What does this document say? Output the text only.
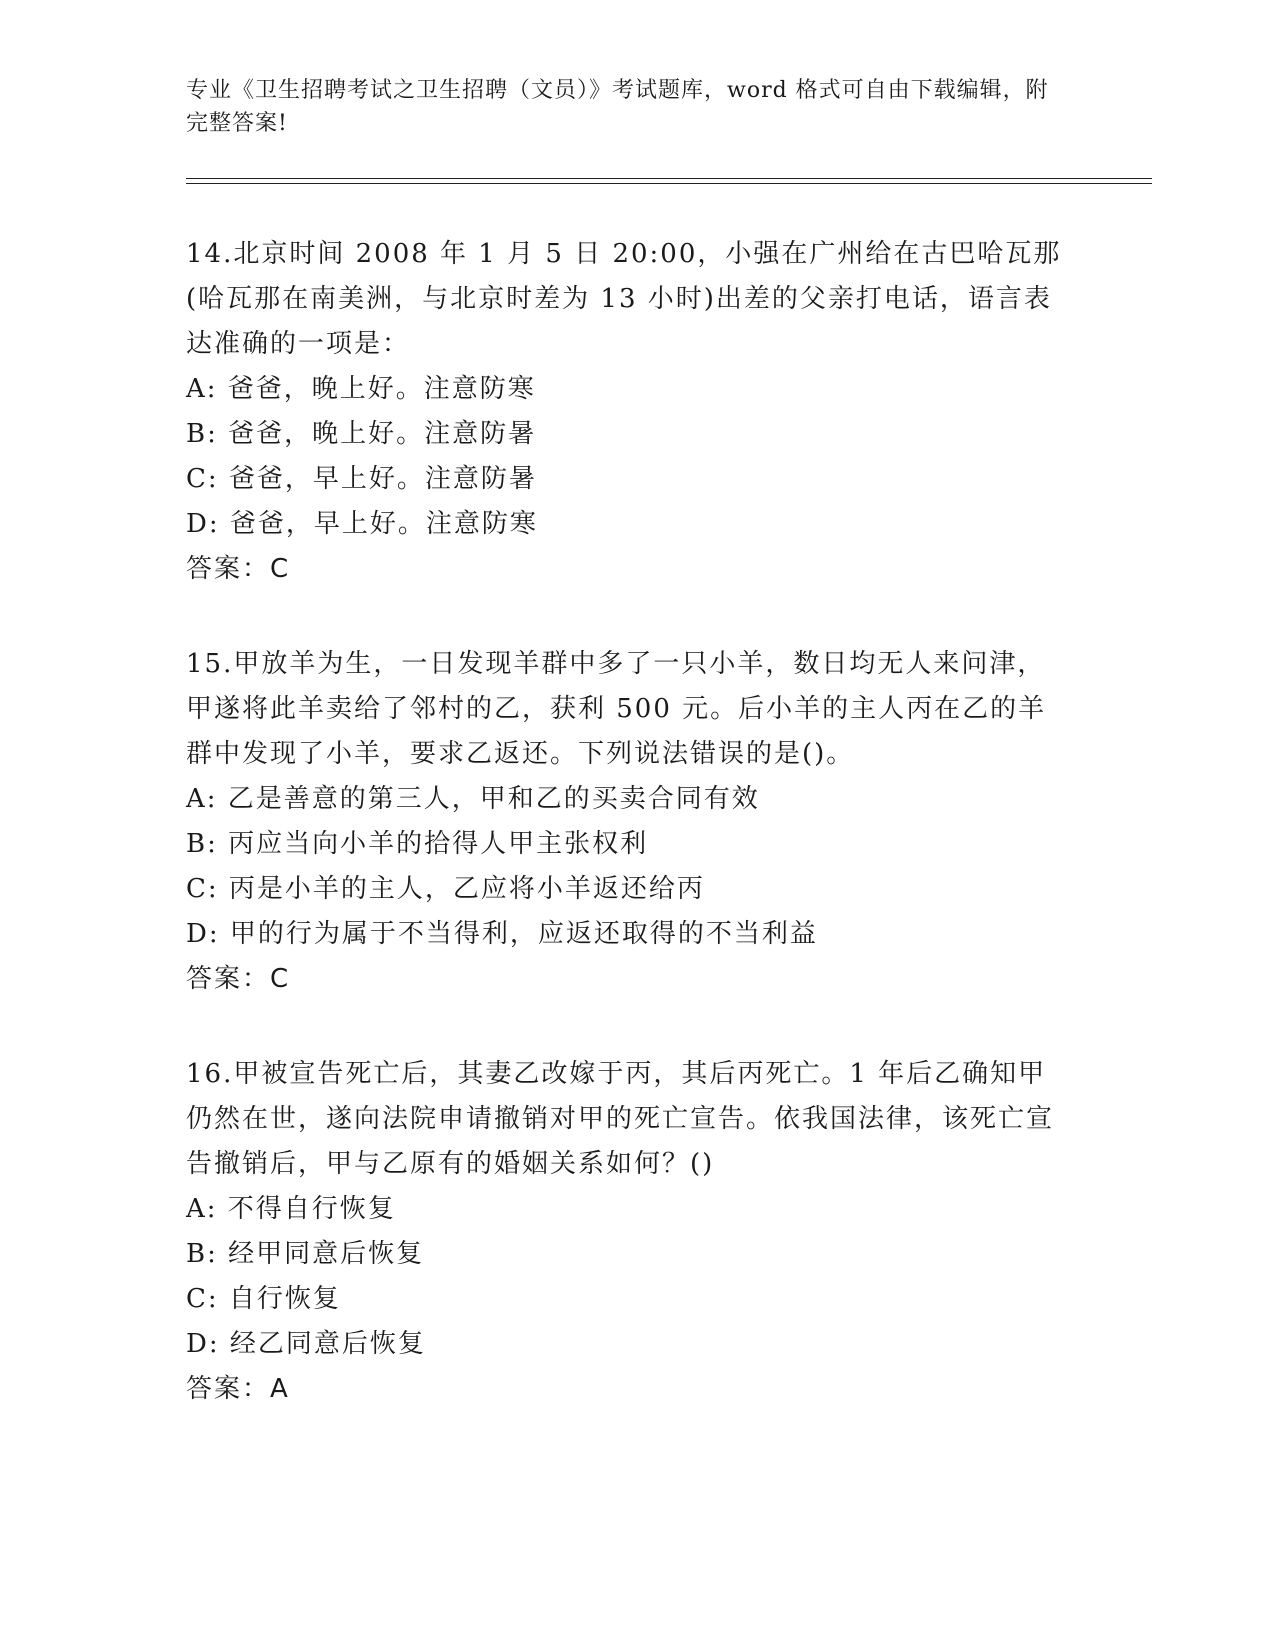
专业《卫生招聘考试之卫生招聘（文员）》考试题库，word 格式可自由下载编辑，附完整答案!

14.北京时间 2008 年 1 月 5 日 20:00，小强在广州给在古巴哈瓦那(哈瓦那在南美洲，与北京时差为 13 小时)出差的父亲打电话，语言表达准确的一项是：

A: 爸爸，晚上好。注意防寒
B: 爸爸，晚上好。注意防暑
C: 爸爸，早上好。注意防暑
D: 爸爸，早上好。注意防寒
答案：C

15.甲放羊为生，一日发现羊群中多了一只小羊，数日均无人来问津，甲遂将此羊卖给了邻村的乙，获利 500 元。后小羊的主人丙在乙的羊群中发现了小羊，要求乙返还。下列说法错误的是()。

A: 乙是善意的第三人，甲和乙的买卖合同有效
B: 丙应当向小羊的拾得人甲主张权利
C: 丙是小羊的主人，乙应将小羊返还给丙
D: 甲的行为属于不当得利，应返还取得的不当利益
答案：C

16.甲被宣告死亡后，其妻乙改嫁于丙，其后丙死亡。1 年后乙确知甲仍然在世，遂向法院申请撤销对甲的死亡宣告。依我国法律，该死亡宣告撤销后，甲与乙原有的婚姻关系如何？()

A: 不得自行恢复
B: 经甲同意后恢复
C: 自行恢复
D: 经乙同意后恢复
答案：A
